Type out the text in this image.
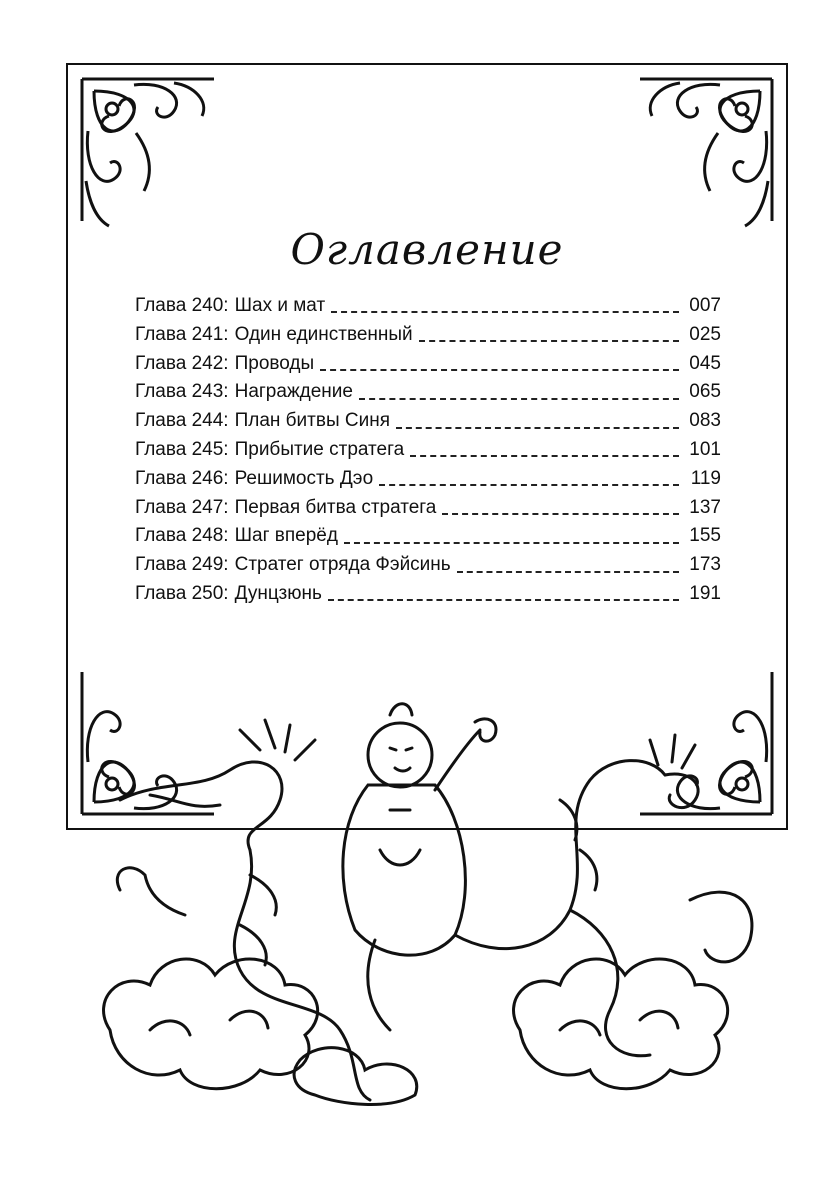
Оглавление
Глава 240: Шах и мат	007
Глава 241: Один единственный	025
Глава 242: Проводы	045
Глава 243: Награждение	065
Глава 244: План битвы Синя	083
Глава 245: Прибытие стратега	101
Глава 246: Решимость Дэо	119
Глава 247: Первая битва стратега	137
Глава 248: Шаг вперёд	155
Глава 249: Стратег отряда Фэйсинь	173
Глава 250: Дунцзюнь	191
